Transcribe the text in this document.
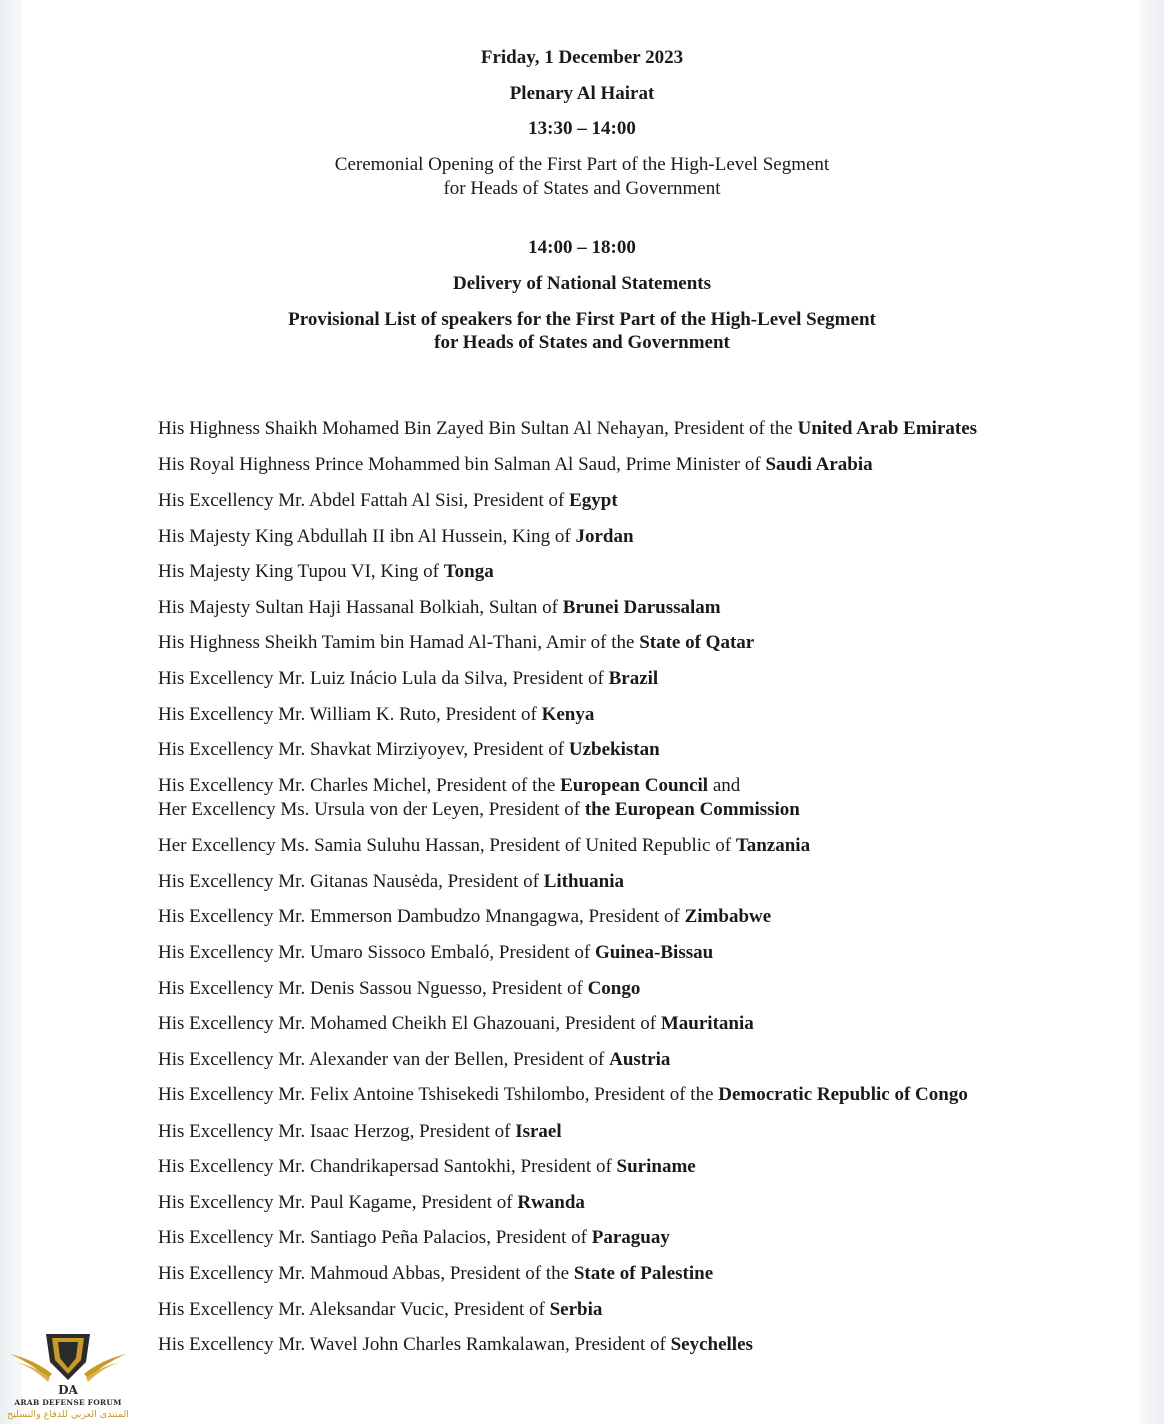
Friday, 1 December 2023

Plenary Al Hairat

13:30 – 14:00

Ceremonial Opening of the First Part of the High-Level Segment

for Heads of States and Government

14:00 – 18:00

Delivery of National Statements

Provisional List of speakers for the First Part of the High-Level Segment

for Heads of States and Government

His Highness Shaikh Mohamed Bin Zayed Bin Sultan Al Nehayan, President of the United Arab Emirates
His Royal Highness Prince Mohammed bin Salman Al Saud, Prime Minister of Saudi Arabia
His Excellency Mr. Abdel Fattah Al Sisi, President of Egypt
His Majesty King Abdullah II ibn Al Hussein, King of Jordan
His Majesty King Tupou VI, King of Tonga
His Majesty Sultan Haji Hassanal Bolkiah, Sultan of Brunei Darussalam
His Highness Sheikh Tamim bin Hamad Al-Thani, Amir of the State of Qatar
His Excellency Mr. Luiz Inácio Lula da Silva, President of Brazil
His Excellency Mr. William K. Ruto, President of Kenya
His Excellency Mr. Shavkat Mirziyoyev, President of Uzbekistan
His Excellency Mr. Charles Michel, President of the European Council and
Her Excellency Ms. Ursula von der Leyen, President of the European Commission
Her Excellency Ms. Samia Suluhu Hassan, President of United Republic of Tanzania
His Excellency Mr. Gitanas Nausėda, President of Lithuania
His Excellency Mr. Emmerson Dambudzo Mnangagwa, President of Zimbabwe
His Excellency Mr. Umaro Sissoco Embaló, President of Guinea-Bissau
His Excellency Mr. Denis Sassou Nguesso, President of Congo
His Excellency Mr. Mohamed Cheikh El Ghazouani, President of Mauritania
His Excellency Mr. Alexander van der Bellen, President of Austria
His Excellency Mr. Felix Antoine Tshisekedi Tshilombo, President of the Democratic Republic of Congo
His Excellency Mr. Isaac Herzog, President of Israel
His Excellency Mr. Chandrikapersad Santokhi, President of Suriname
His Excellency Mr. Paul Kagame, President of Rwanda
His Excellency Mr. Santiago Peña Palacios, President of Paraguay
His Excellency Mr. Mahmoud Abbas, President of the State of Palestine
His Excellency Mr. Aleksandar Vucic, President of Serbia
His Excellency Mr. Wavel John Charles Ramkalawan, President of Seychelles
DA

ARAB DEFENSE FORUM

المنتدى العربي للدفاع والتسليح
